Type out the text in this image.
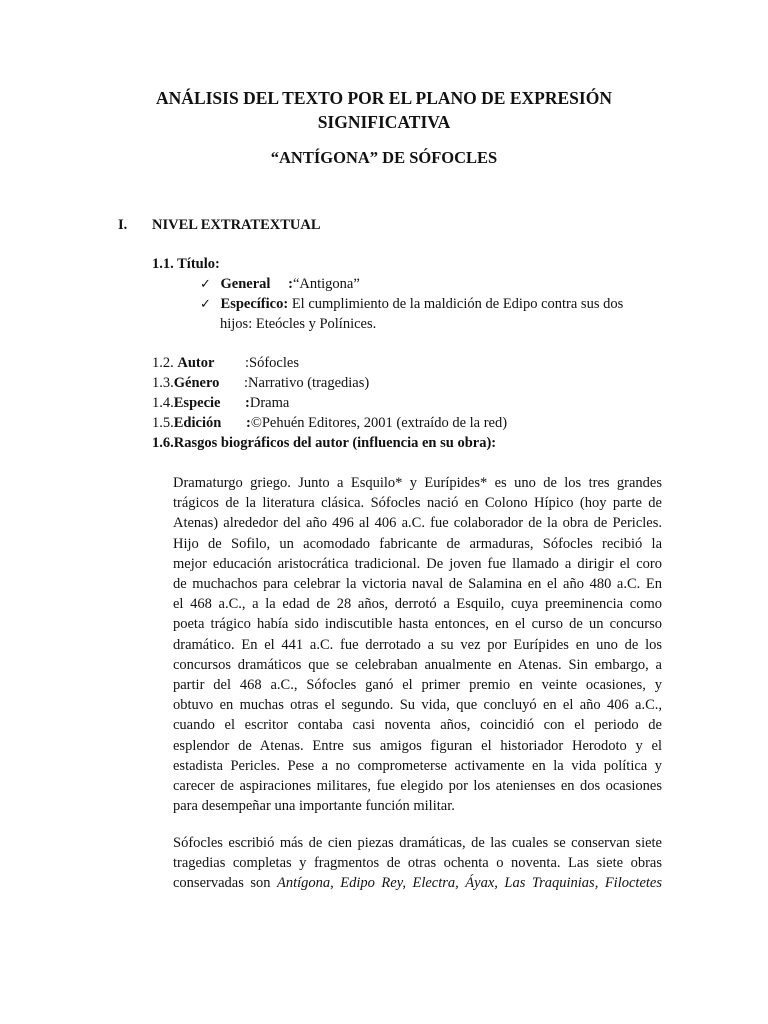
ANÁLISIS DEL TEXTO POR EL PLANO DE EXPRESIÓN
SIGNIFICATIVA
“ANTÍGONA” DE SÓFOCLES
I. NIVEL EXTRATEXTUAL
1.1. Título:
✓ General :“Antigona”
✓ Específico: El cumplimiento de la maldición de Edipo contra sus dos
hijos: Eteócles y Polínices.
1.2. Autor :Sófocles
1.3.Género :Narrativo (tragedias)
1.4.Especie :Drama
1.5.Edición :©Pehuén Editores, 2001 (extraído de la red)
1.6.Rasgos biográficos del autor (influencia en su obra):
Dramaturgo griego. Junto a Esquilo* y Eurípides* es uno de los tres grandes
trágicos de la literatura clásica. Sófocles nació en Colono Hípico (hoy parte de
Atenas) alrededor del año 496 al 406 a.C. fue colaborador de la obra de Pericles.
Hijo de Sofilo, un acomodado fabricante de armaduras, Sófocles recibió la
mejor educación aristocrática tradicional. De joven fue llamado a dirigir el coro
de muchachos para celebrar la victoria naval de Salamina en el año 480 a.C. En
el 468 a.C., a la edad de 28 años, derrotó a Esquilo, cuya preeminencia como
poeta trágico había sido indiscutible hasta entonces, en el curso de un concurso
dramático. En el 441 a.C. fue derrotado a su vez por Eurípides en uno de los
concursos dramáticos que se celebraban anualmente en Atenas. Sin embargo, a
partir del 468 a.C., Sófocles ganó el primer premio en veinte ocasiones, y
obtuvo en muchas otras el segundo. Su vida, que concluyó en el año 406 a.C.,
cuando el escritor contaba casi noventa años, coincidió con el periodo de
esplendor de Atenas. Entre sus amigos figuran el historiador Herodoto y el
estadista Pericles. Pese a no comprometerse activamente en la vida política y
carecer de aspiraciones militares, fue elegido por los atenienses en dos ocasiones
para desempeñar una importante función militar.
Sófocles escribió más de cien piezas dramáticas, de las cuales se conservan siete
tragedias completas y fragmentos de otras ochenta o noventa. Las siete obras
conservadas son Antígona, Edipo Rey, Electra, Áyax, Las Traquinias, Filoctetes
